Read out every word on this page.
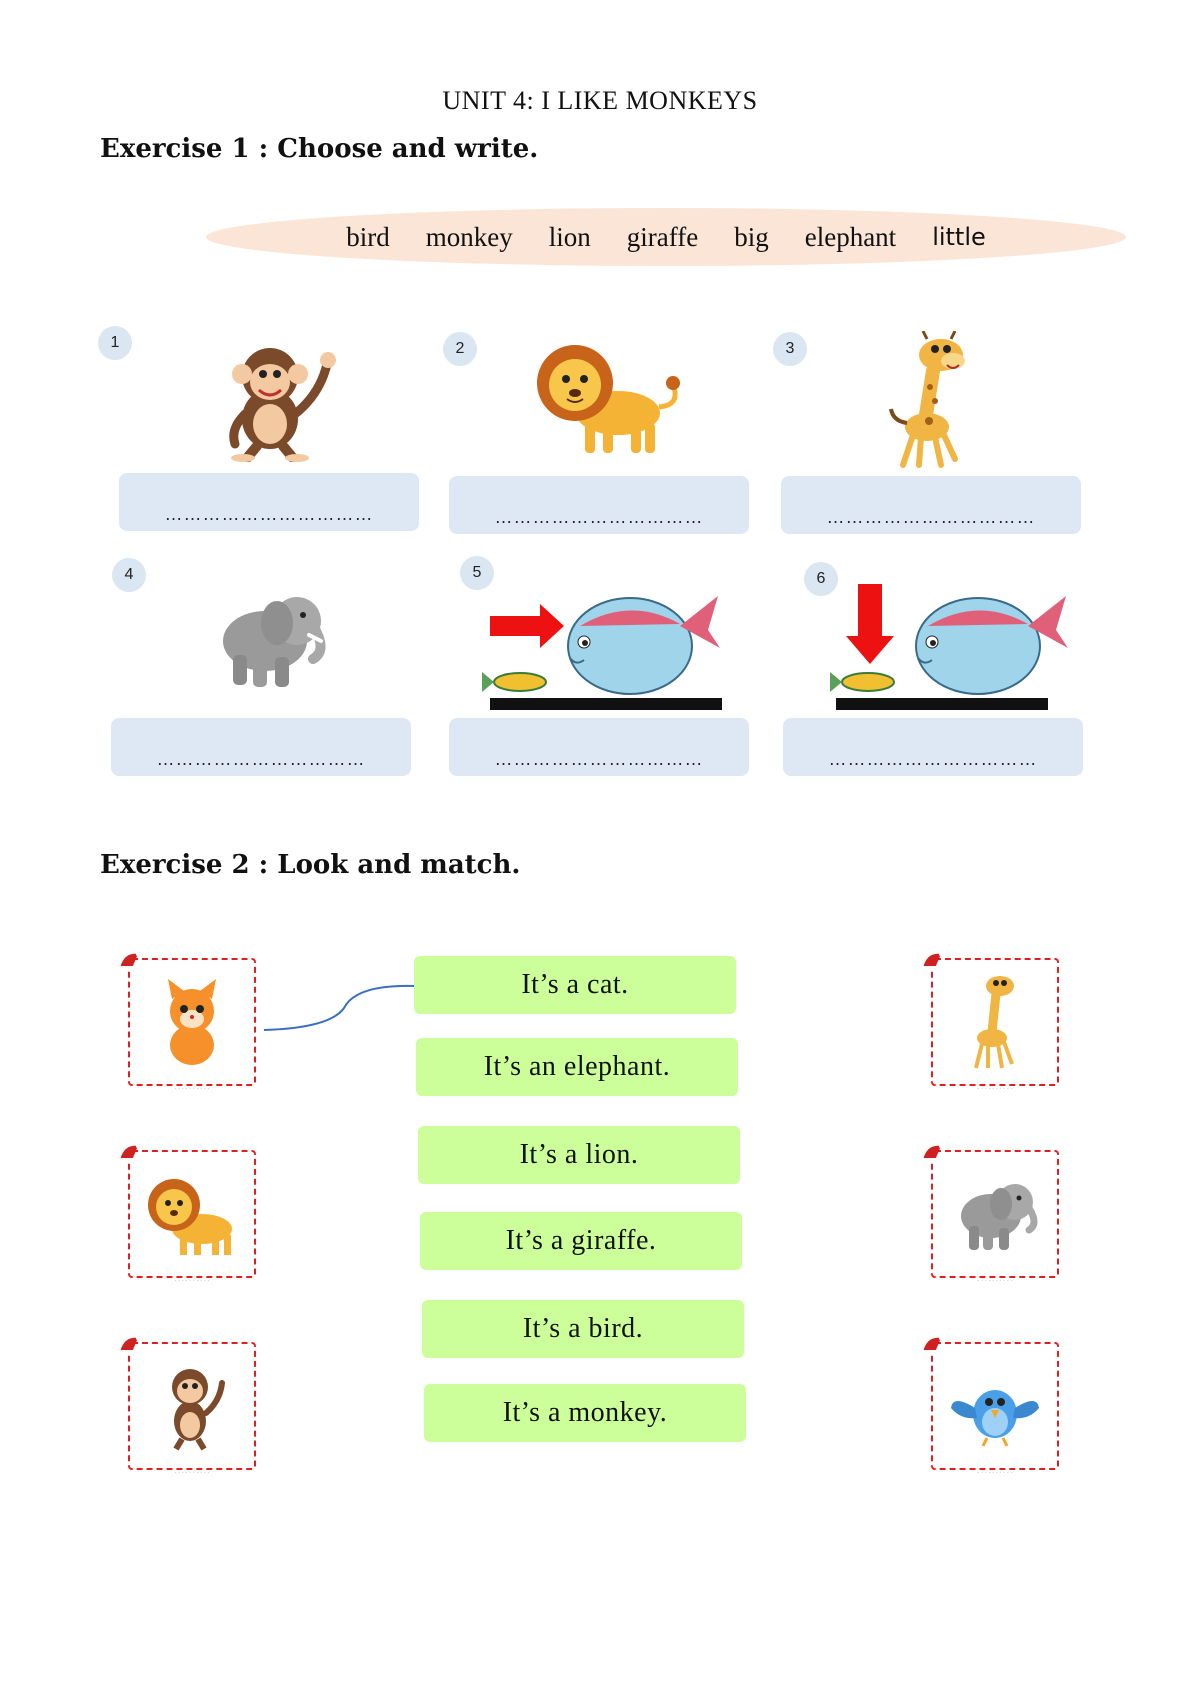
UNIT 4: I LIKE MONKEYS
Exercise 1 : Choose and write.
bird monkey lion giraffe big elephant little
1
……………………………
2
……………………………
3
……………………………
4
……………………………
5
……………………………
6
……………………………
Exercise 2 : Look and match.
· · · · · · · · · ·
· · · · · · · · · ·
· · · · · · · · · ·
It’s a cat.
It’s an elephant.
It’s a lion.
It’s a giraffe.
It’s a bird.
It’s a monkey.
· · · · · · · · · ·
· · · · · · · · · ·
· · · · · · · · · ·
